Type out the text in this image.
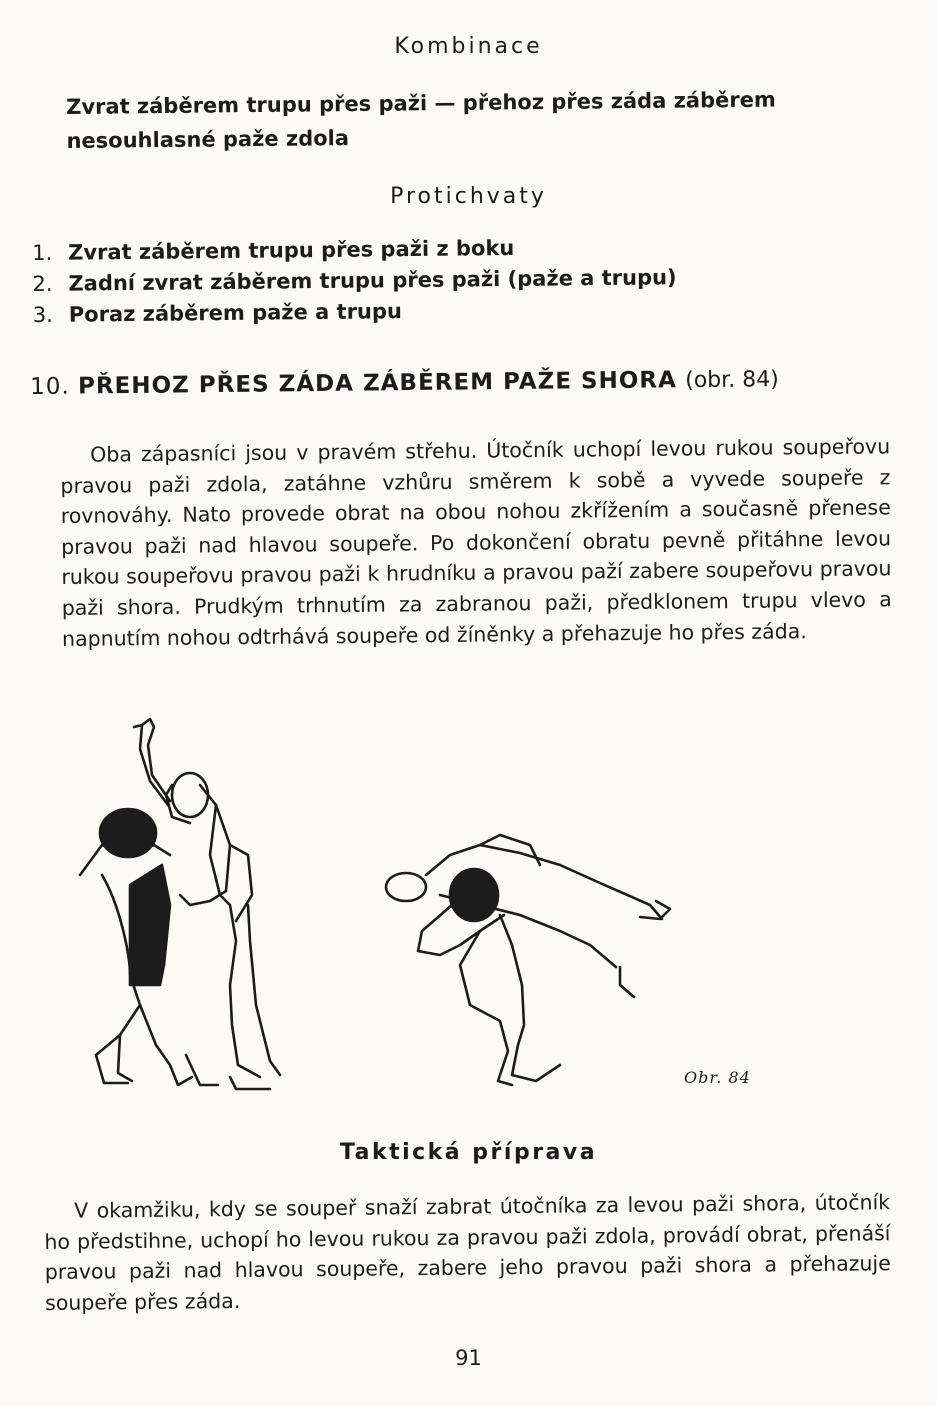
Kombinace
Zvrat záběrem trupu přes paži — přehoz přes záda záběrem
nesouhlasné paže zdola
Protichvaty
1. Zvrat záběrem trupu přes paži z boku
2. Zadní zvrat záběrem trupu přes paži (paže a trupu)
3. Poraz záběrem paže a trupu
10. PŘEHOZ PŘES ZÁDA ZÁBĚREM PAŽE SHORA (obr. 84)

Oba zápasníci jsou v pravém střehu. Útočník uchopí levou rukou soupeřovu pravou paži zdola, zatáhne vzhůru směrem k sobě a vyvede soupeře z rovnováhy. Nato provede obrat na obou nohou zkřížením a současně přenese pravou paži nad hlavou soupeře. Po dokončení obratu pevně přitáhne levou rukou soupeřovu pravou paži k hrudníku a pravou paží zabere soupeřovu pravou paži shora. Prudkým trhnutím za zabranou paži, předklonem trupu vlevo a napnutím nohou odtrhává soupeře od žíněnky a přehazuje ho přes záda.

Obr. 84
Taktická příprava

V okamžiku, kdy se soupeř snaží zabrat útočníka za levou paži shora, útočník ho předstihne, uchopí ho levou rukou za pravou paži zdola, provádí obrat, přenáší pravou paži nad hlavou soupeře, zabere jeho pravou paži shora a přehazuje soupeře přes záda.

91
